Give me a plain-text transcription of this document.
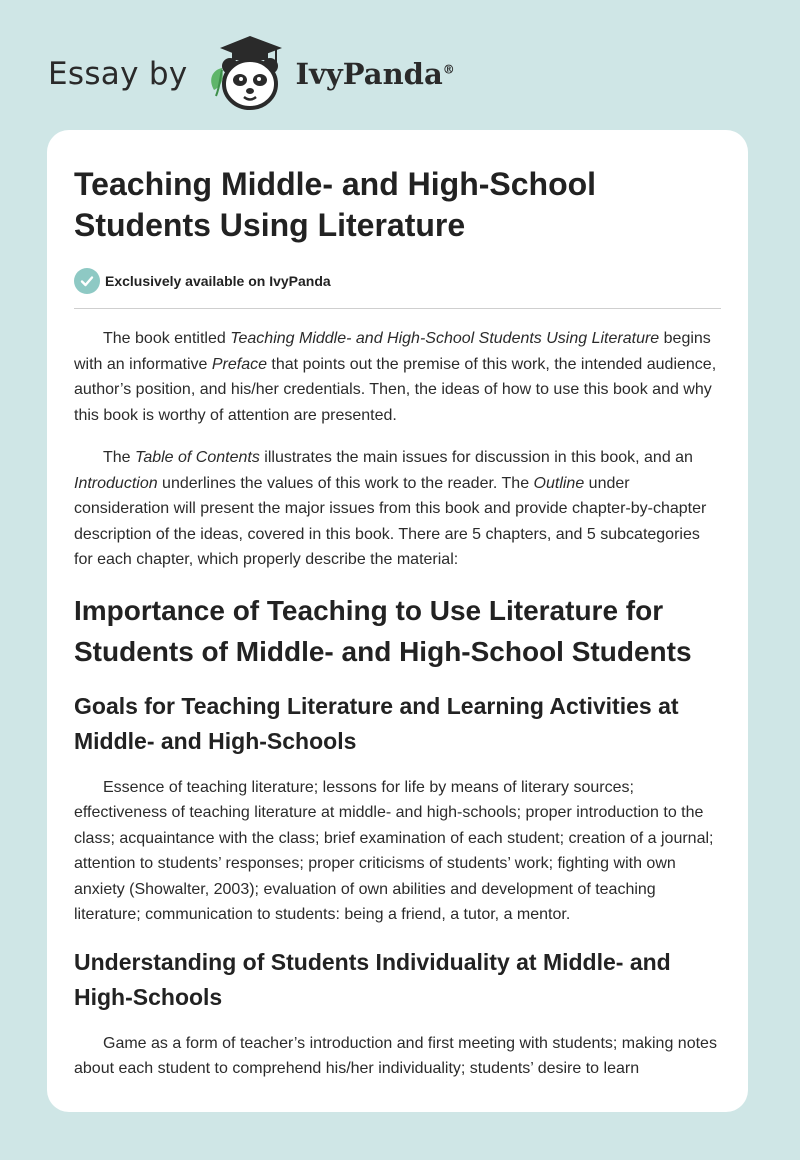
Essay by	IvyPanda®
Teaching Middle- and High-School Students Using Literature
Exclusively available on IvyPanda

The book entitled Teaching Middle- and High-School Students Using Literature begins with an informative Preface that points out the premise of this work, the intended audience, author’s position, and his/her credentials. Then, the ideas of how to use this book and why this book is worthy of attention are presented.

The Table of Contents illustrates the main issues for discussion in this book, and an Introduction underlines the values of this work to the reader. The Outline under consideration will present the major issues from this book and provide chapter-by-chapter description of the ideas, covered in this book. There are 5 chapters, and 5 subcategories for each chapter, which properly describe the material:

Importance of Teaching to Use Literature for Students of Middle- and High-School Students
Goals for Teaching Literature and Learning Activities at Middle- and High-Schools

Essence of teaching literature; lessons for life by means of literary sources; effectiveness of teaching literature at middle- and high-schools; proper introduction to the class; acquaintance with the class; brief examination of each student; creation of a journal; attention to students’ responses; proper criticisms of students’ work; fighting with own anxiety (Showalter, 2003); evaluation of own abilities and development of teaching literature; communication to students: being a friend, a tutor, a mentor.

Understanding of Students Individuality at Middle- and High-Schools

Game as a form of teacher’s introduction and first meeting with students; making notes about each student to comprehend his/her individuality; students’ desire to learn
